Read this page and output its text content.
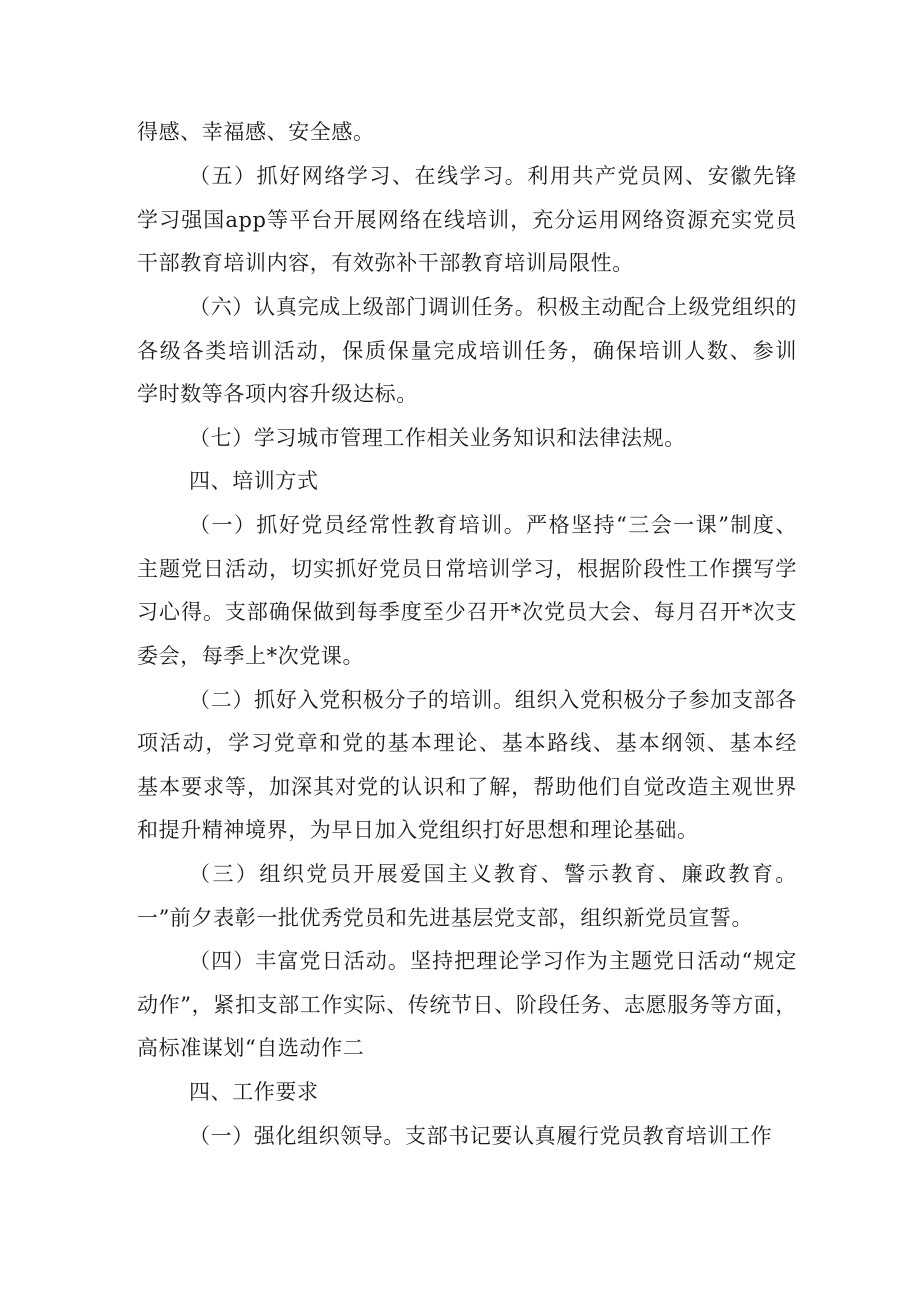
得感、幸福感、安全感。
（五）抓好网络学习、在线学习。利用共产党员网、安徽先锋
学习强国app等平台开展网络在线培训，充分运用网络资源充实党员
干部教育培训内容，有效弥补干部教育培训局限性。
（六）认真完成上级部门调训任务。积极主动配合上级党组织的
各级各类培训活动，保质保量完成培训任务，确保培训人数、参训
学时数等各项内容升级达标。
（七）学习城市管理工作相关业务知识和法律法规。
四、培训方式
（一）抓好党员经常性教育培训。严格坚持“三会一课”制度、
主题党日活动，切实抓好党员日常培训学习，根据阶段性工作撰写学
习心得。支部确保做到每季度至少召开*次党员大会、每月召开*次支
委会，每季上*次党课。
（二）抓好入党积极分子的培训。组织入党积极分子参加支部各
项活动，学习党章和党的基本理论、基本路线、基本纲领、基本经
基本要求等，加深其对党的认识和了解，帮助他们自觉改造主观世界
和提升精神境界，为早日加入党组织打好思想和理论基础。
（三）组织党员开展爱国主义教育、警示教育、廉政教育。
一”前夕表彰一批优秀党员和先进基层党支部，组织新党员宣誓。
（四）丰富党日活动。坚持把理论学习作为主题党日活动“规定
动作”，紧扣支部工作实际、传统节日、阶段任务、志愿服务等方面，
高标准谋划“自选动作二
四、工作要求
（一）强化组织领导。支部书记要认真履行党员教育培训工作
